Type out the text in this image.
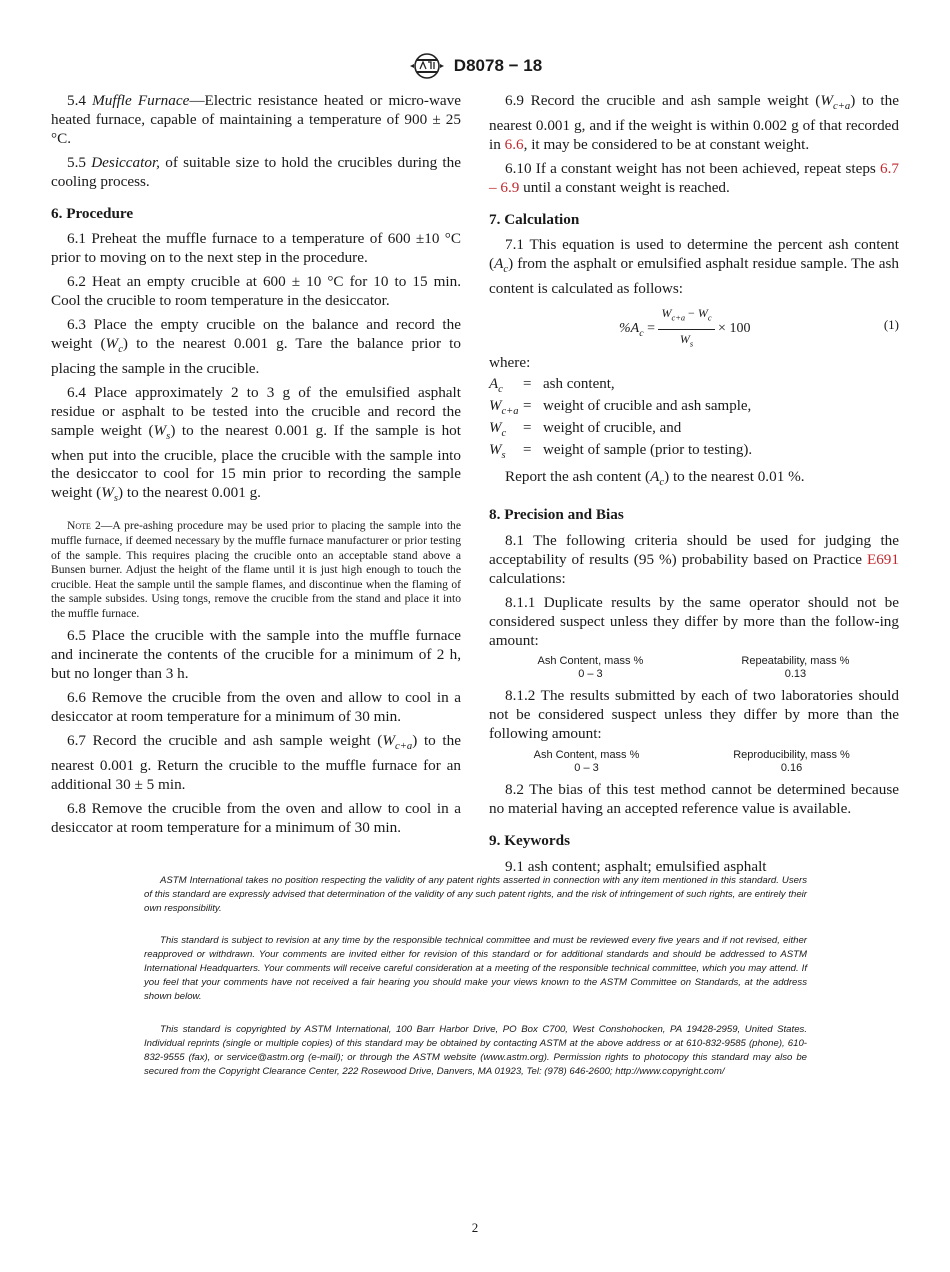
D8078 − 18

5.4 Muffle Furnace—Electric resistance heated or micro-wave heated furnace, capable of maintaining a temperature of 900 ± 25 °C.

5.5 Desiccator, of suitable size to hold the crucibles during the cooling process.

6. Procedure

6.1 Preheat the muffle furnace to a temperature of 600 ±10 °C prior to moving on to the next step in the procedure.

6.2 Heat an empty crucible at 600 ± 10 °C for 10 to 15 min. Cool the crucible to room temperature in the desiccator.

6.3 Place the empty crucible on the balance and record the weight $(W_c)$ to the nearest 0.001 g. Tare the balance prior to placing the sample in the crucible.

6.4 Place approximately 2 to 3 g of the emulsified asphalt residue or asphalt to be tested into the crucible and record the sample weight $(W_s)$ to the nearest 0.001 g. If the sample is hot when put into the crucible, place the crucible with the sample into the desiccator to cool for 15 min prior to recording the sample weight $(W_s)$ to the nearest 0.001 g.

Note 2—A pre-ashing procedure may be used prior to placing the sample into the muffle furnace, if deemed necessary by the muffle furnace manufacturer or prior testing of the sample. This requires placing the crucible onto an acceptable stand above a Bunsen burner. Adjust the height of the flame until it is just high enough to touch the crucible. Heat the sample until the sample flames, and discontinue when the flaming of the sample subsides. Using tongs, remove the crucible from the stand and place it into the muffle furnace.

6.5 Place the crucible with the sample into the muffle furnace and incinerate the contents of the crucible for a minimum of 2 h, but no longer than 3 h.

6.6 Remove the crucible from the oven and allow to cool in a desiccator at room temperature for a minimum of 30 min.

6.7 Record the crucible and ash sample weight $(W_{c+a})$ to the nearest 0.001 g. Return the crucible to the muffle furnace for an additional 30 ± 5 min.

6.8 Remove the crucible from the oven and allow to cool in a desiccator at room temperature for a minimum of 30 min.

6.9 Record the crucible and ash sample weight $(W_{c+a})$ to the nearest 0.001 g, and if the weight is within 0.002 g of that recorded in 6.6, it may be considered to be at constant weight.

6.10 If a constant weight has not been achieved, repeat steps 6.7 – 6.9 until a constant weight is reached.

7. Calculation

7.1 This equation is used to determine the percent ash content $(A_c)$ from the asphalt or emulsified asphalt residue sample. The ash content is calculated as follows:

$\%A_c = \frac{W_{c+a} - W_c}{W_s} \times 100$	(1)
where:
$A_c$	=	ash content,
$W_{c+a}$	=	weight of crucible and ash sample,
$W_c$	=	weight of crucible, and
$W_s$	=	weight of sample (prior to testing).

Report the ash content $(A_c)$ to the nearest 0.01 %.

8. Precision and Bias

8.1 The following criteria should be used for judging the acceptability of results (95 %) probability based on Practice E691 calculations:

8.1.1 Duplicate results by the same operator should not be considered suspect unless they differ by more than the follow-ing amount:

Ash Content, mass %	Repeatability, mass %
0 – 3	0.13

8.1.2 The results submitted by each of two laboratories should not be considered suspect unless they differ by more than the following amount:

Ash Content, mass %	Reproducibility, mass %
0 – 3	0.16

8.2 The bias of this test method cannot be determined because no material having an accepted reference value is available.

9. Keywords

9.1 ash content; asphalt; emulsified asphalt

ASTM International takes no position respecting the validity of any patent rights asserted in connection with any item mentioned in this standard. Users of this standard are expressly advised that determination of the validity of any such patent rights, and the risk of infringement of such rights, are entirely their own responsibility.

This standard is subject to revision at any time by the responsible technical committee and must be reviewed every five years and if not revised, either reapproved or withdrawn. Your comments are invited either for revision of this standard or for additional standards and should be addressed to ASTM International Headquarters. Your comments will receive careful consideration at a meeting of the responsible technical committee, which you may attend. If you feel that your comments have not received a fair hearing you should make your views known to the ASTM Committee on Standards, at the address shown below.

This standard is copyrighted by ASTM International, 100 Barr Harbor Drive, PO Box C700, West Conshohocken, PA 19428-2959, United States. Individual reprints (single or multiple copies) of this standard may be obtained by contacting ASTM at the above address or at 610-832-9585 (phone), 610-832-9555 (fax), or service@astm.org (e-mail); or through the ASTM website (www.astm.org). Permission rights to photocopy this standard may also be secured from the Copyright Clearance Center, 222 Rosewood Drive, Danvers, MA 01923, Tel: (978) 646-2600; http://www.copyright.com/

2
